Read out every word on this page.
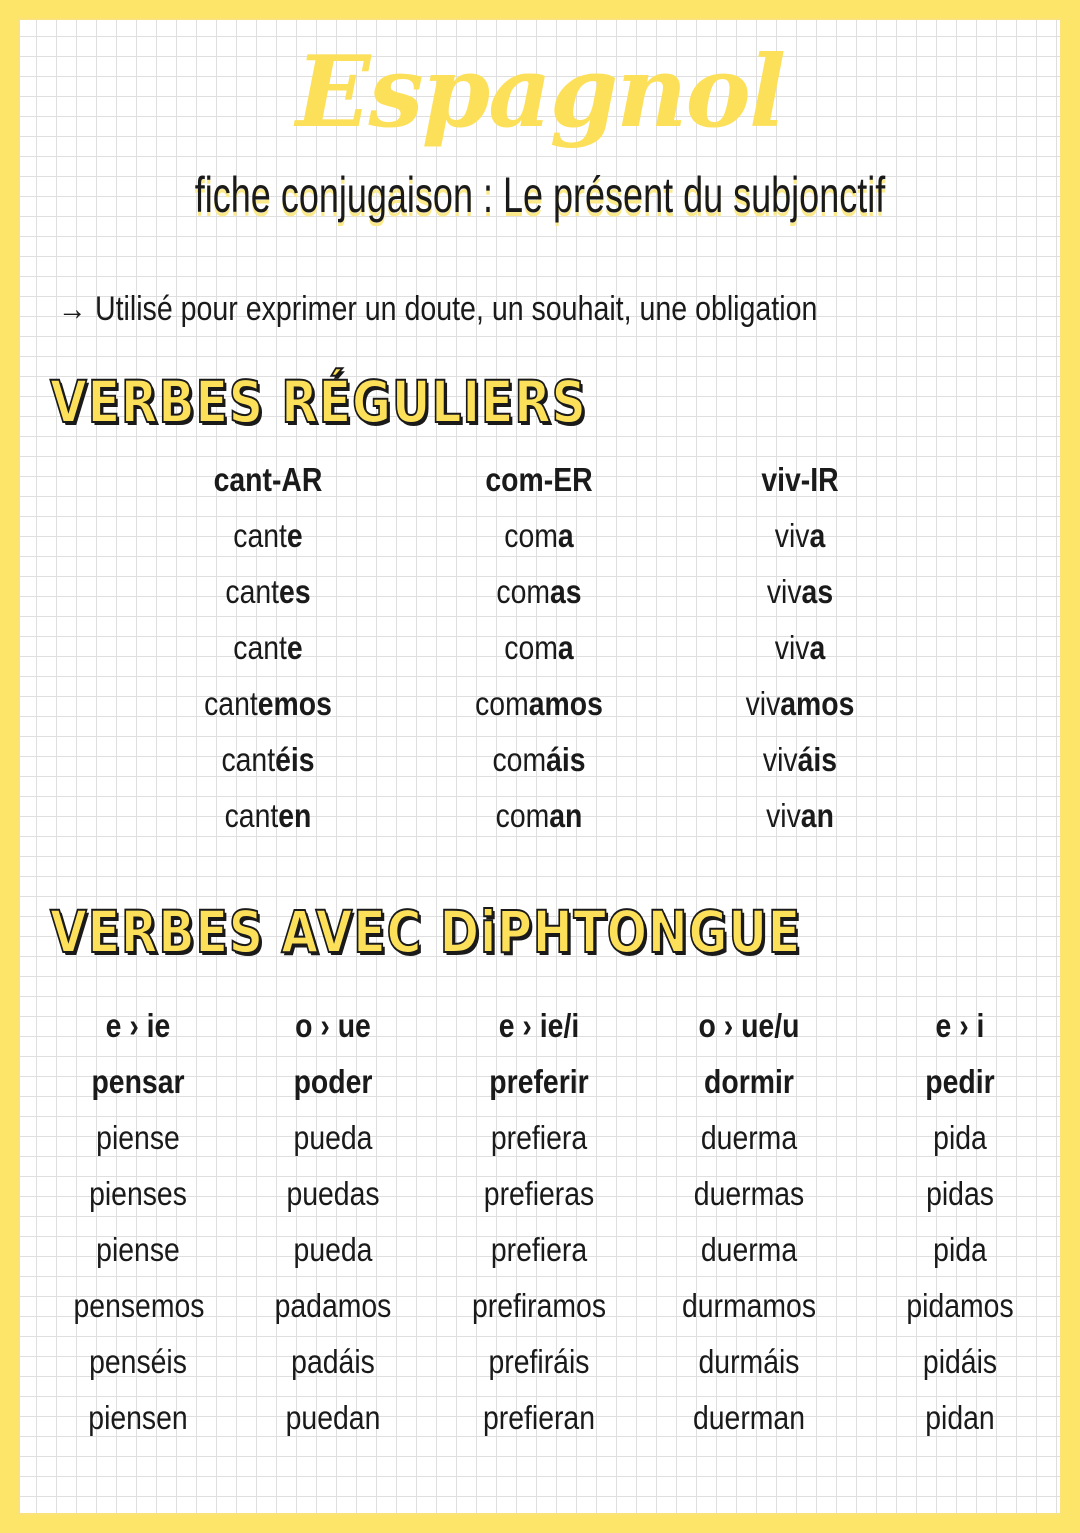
Espagnol
fiche conjugaison : Le présent du subjonctif
→ Utilisé pour exprimer un doute, un souhait, une obligation
VERBES RÉGULIERS
cant-AR
cante
cantes
cante
cantemos
cantéis
canten
com-ER
coma
comas
coma
comamos
comáis
coman
viv-IR
viva
vivas
viva
vivamos
viváis
vivan
VERBES AVEC DiPHTONGUE
e › ie
pensar
piense
pienses
piense
pensemos
penséis
piensen
o › ue
poder
pueda
puedas
pueda
padamos
padáis
puedan
e › ie/i
preferir
prefiera
prefieras
prefiera
prefiramos
prefiráis
prefieran
o › ue/u
dormir
duerma
duermas
duerma
durmamos
durmáis
duerman
e › i
pedir
pida
pidas
pida
pidamos
pidáis
pidan
